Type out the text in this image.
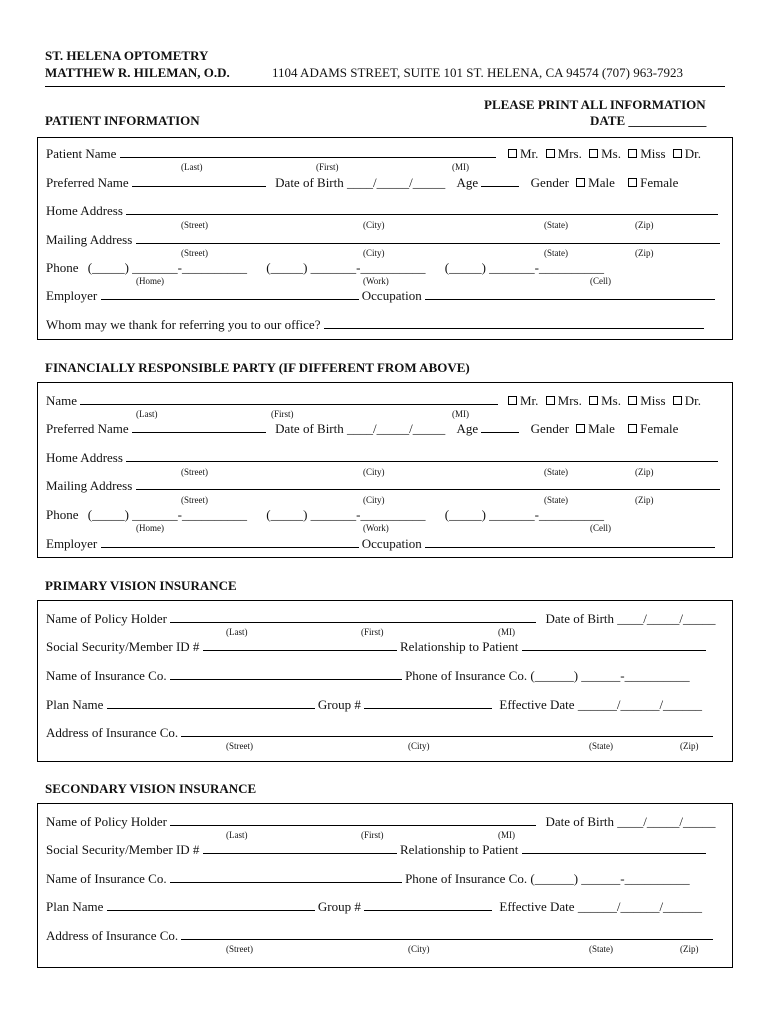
ST. HELENA OPTOMETRY
MATTHEW R. HILEMAN, O.D.	1104 ADAMS STREET, SUITE 101 ST. HELENA, CA 94574 (707) 963-7923
PLEASE PRINT ALL INFORMATION
DATE ____________
PATIENT INFORMATION
Patient Name	Mr. Mrs. Ms. Miss Dr.
(Last)	(First)	(MI)
Preferred Name	Date of Birth ____/_____/_____ Age	Gender Male Female
Home Address
(Street)	(City)	(State)	(Zip)
Mailing Address
(Street)	(City)	(State)	(Zip)
Phone (_____) _______-__________ (_____) _______-__________ (_____) _______-__________
(Home)	(Work)	(Cell)
Employer	Occupation
Whom may we thank for referring you to our office?
FINANCIALLY RESPONSIBLE PARTY (IF DIFFERENT FROM ABOVE)
Name	Mr. Mrs. Ms. Miss Dr.
(Last)	(First)	(MI)
Preferred Name	Date of Birth ____/_____/_____ Age	Gender Male Female
Home Address
(Street)	(City)	(State)	(Zip)
Mailing Address
(Street)	(City)	(State)	(Zip)
Phone (_____) _______-__________ (_____) _______-__________ (_____) _______-__________
(Home)	(Work)	(Cell)
Employer	Occupation
PRIMARY VISION INSURANCE
Name of Policy Holder	Date of Birth ____/_____/_____
(Last)	(First)	(MI)
Social Security/Member ID #	Relationship to Patient
Name of Insurance Co.	Phone of Insurance Co. (______) ______-__________
Plan Name	Group #	Effective Date ______/______/______
Address of Insurance Co.
(Street)	(City)	(State)	(Zip)
SECONDARY VISION INSURANCE
Name of Policy Holder	Date of Birth ____/_____/_____
(Last)	(First)	(MI)
Social Security/Member ID #	Relationship to Patient
Name of Insurance Co.	Phone of Insurance Co. (______) ______-__________
Plan Name	Group #	Effective Date ______/______/______
Address of Insurance Co.
(Street)	(City)	(State)	(Zip)
